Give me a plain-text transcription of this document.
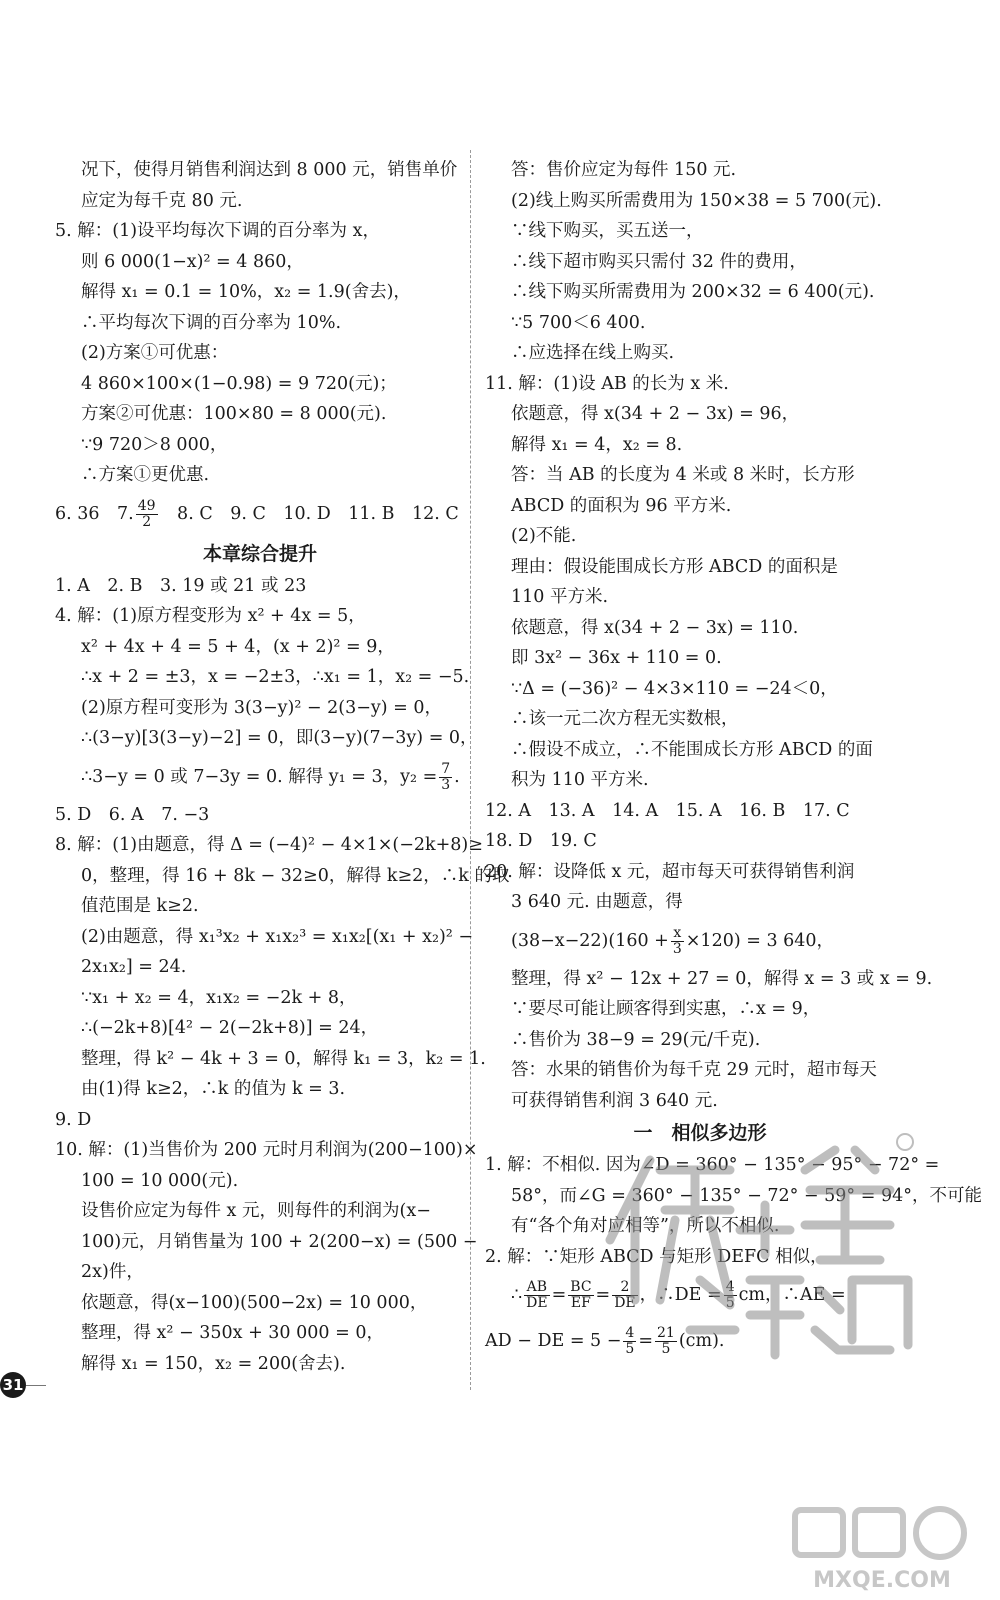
况下，使得月销售利润达到 8 000 元，销售单价
应定为每千克 80 元.
5. 解：(1)设平均每次下调的百分率为 x，
则 6 000(1−x)² = 4 860，
解得 x₁ = 0.1 = 10%，x₂ = 1.9(舍去)，
∴平均每次下调的百分率为 10%.
(2)方案①可优惠：
4 860×100×(1−0.98) = 9 720(元)；
方案②可优惠：100×80 = 8 000(元).
∵9 720＞8 000，
∴方案①更优惠.
6. 36　7. $\frac{49}{2}$ 　8. C　9. C　10. D　11. B　12. C
本章综合提升
1. A　2. B　3. 19 或 21 或 23
4. 解：(1)原方程变形为 x² + 4x = 5，
x² + 4x + 4 = 5 + 4，(x + 2)² = 9，
∴x + 2 = ±3，x = −2±3，∴x₁ = 1，x₂ = −5.
(2)原方程可变形为 3(3−y)² − 2(3−y) = 0，
∴(3−y)[3(3−y)−2] = 0，即(3−y)(7−3y) = 0，
∴3−y = 0 或 7−3y = 0. 解得 y₁ = 3，$y_2 = \frac{7}{3}$ .
5. D　6. A　7. −3
8. 解：(1)由题意，得 Δ = (−4)² − 4×1×(−2k+8)≥
0，整理，得 16 + 8k − 32≥0，解得 k≥2，∴k 的取
值范围是 k≥2.
(2)由题意，得 x₁³x₂ + x₁x₂³ = x₁x₂[(x₁ + x₂)² −
2x₁x₂] = 24.
∵x₁ + x₂ = 4，x₁x₂ = −2k + 8，
∴(−2k+8)[4² − 2(−2k+8)] = 24，
整理，得 k² − 4k + 3 = 0，解得 k₁ = 3，k₂ = 1.
由(1)得 k≥2，∴k 的值为 k = 3.
9. D
10. 解：(1)当售价为 200 元时月利润为(200−100)×
100 = 10 000(元).
设售价应定为每件 x 元，则每件的利润为(x−
100)元，月销售量为 100 + 2(200−x) = (500 −
2x)件，
依题意，得(x−100)(500−2x) = 10 000，
整理，得 x² − 350x + 30 000 = 0，
解得 x₁ = 150，x₂ = 200(舍去).
答：售价应定为每件 150 元.
(2)线上购买所需费用为 150×38 = 5 700(元).
∵线下购买，买五送一，
∴线下超市购买只需付 32 件的费用，
∴线下购买所需费用为 200×32 = 6 400(元).
∵5 700＜6 400.
∴应选择在线上购买.
11. 解：(1)设 AB 的长为 x 米.
依题意，得 x(34 + 2 − 3x) = 96，
解得 x₁ = 4，x₂ = 8.
答：当 AB 的长度为 4 米或 8 米时，长方形
ABCD 的面积为 96 平方米.
(2)不能.
理由：假设能围成长方形 ABCD 的面积是
110 平方米.
依题意，得 x(34 + 2 − 3x) = 110.
即 3x² − 36x + 110 = 0.
∵Δ = (−36)² − 4×3×110 = −24＜0，
∴该一元二次方程无实数根，
∴假设不成立，∴不能围成长方形 ABCD 的面
积为 110 平方米.
12. A　13. A　14. A　15. A　16. B　17. C
18. D　19. C
20. 解：设降低 x 元，超市每天可获得销售利润
3 640 元. 由题意，得
$(38-x-22)(160 + \frac{x}{3} \times 120) = 3$ 640，
整理，得 x² − 12x + 27 = 0，解得 x = 3 或 x = 9.
∵要尽可能让顾客得到实惠，∴x = 9，
∴售价为 38−9 = 29(元/千克).
答：水果的销售价为每千克 29 元时，超市每天
可获得销售利润 3 640 元.
一　相似多边形
1. 解：不相似. 因为∠D = 360° − 135° − 95° − 72° =
58°，而∠G = 360° − 135° − 72° − 59° = 94°，不可能
有“各个角对应相等”，所以不相似.
2. 解：∵矩形 ABCD 与矩形 DEFC 相似，
∴ $\frac{AB}{DE} = \frac{BC}{EF} = \frac{2}{DE}$ ，∴DE = $\frac{4}{5}$ cm，∴AE =
AD − DE = $5 - \frac{4}{5} = \frac{21}{5} (cm)$.
31
MXQE.COM
